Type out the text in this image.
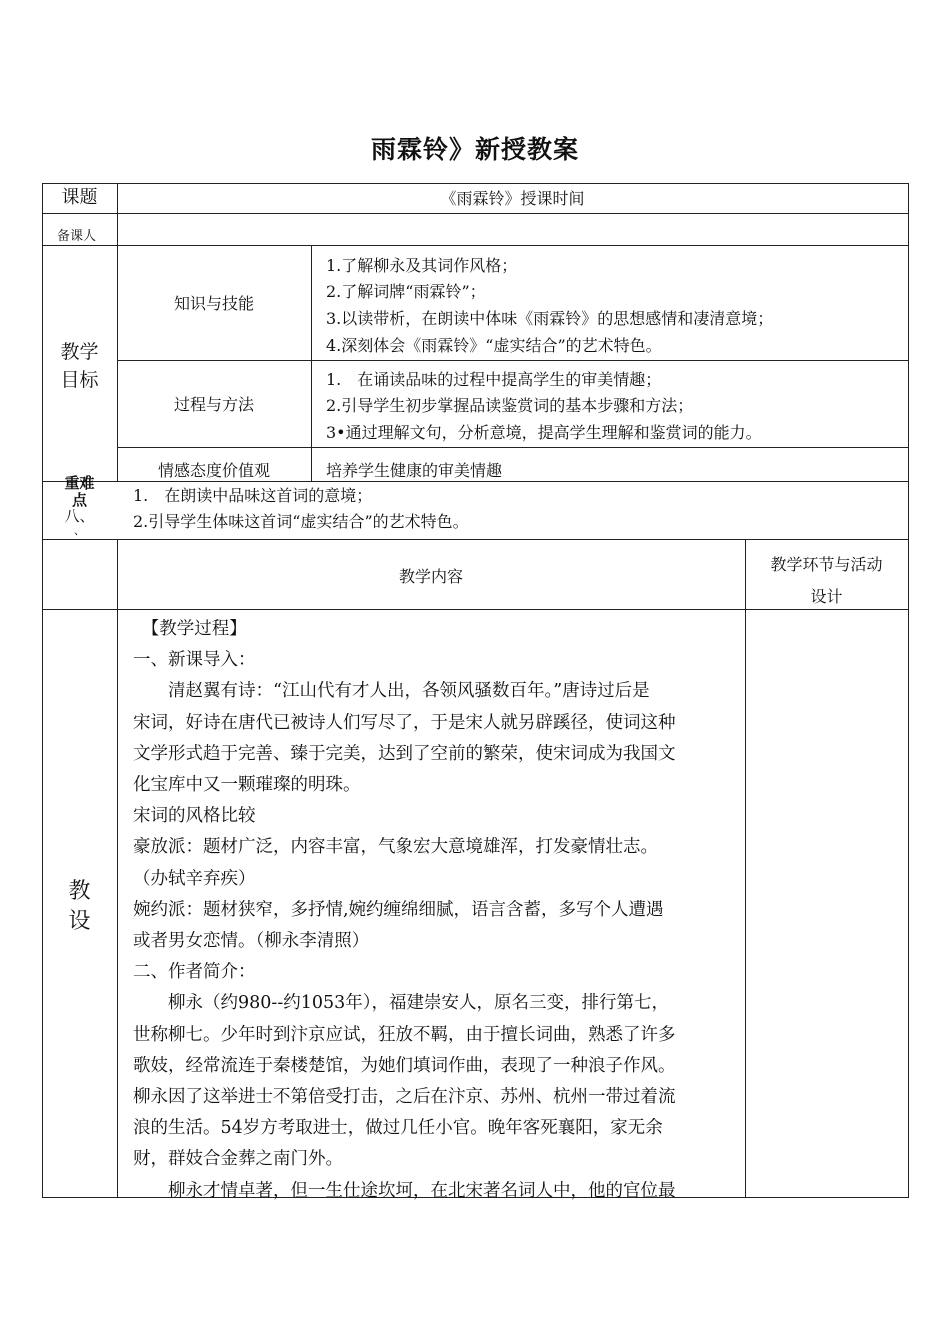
雨霖铃》新授教案
课题	《雨霖铃》授课时间
备课人
教学
目标
知识与技能
1.了解柳永及其词作风格；
2.了解词牌“雨霖铃”；
3.以读带析，在朗读中体味《雨霖铃》的思想感情和凄清意境；
4.深刻体会《雨霖铃》“虚实结合”的艺术特色。
过程与方法
1.　在诵读品味的过程中提高学生的审美情趣；
2.引导学生初步掌握品读鉴赏词的基本步骤和方法；
3•通过理解文句，分析意境，提高学生理解和鉴赏词的能力。
情感态度价值观	培养学生健康的审美情趣
重难
点
八、
、
1.　在朗读中品味这首词的意境；
2.引导学生体味这首词“虚实结合”的艺术特色。
教学内容
教学环节与活动
设计
教
设
　【教学过程】
一、新课导入：
　　清赵翼有诗：“江山代有才人出，各领风骚数百年。”唐诗过后是
宋词，好诗在唐代已被诗人们写尽了，于是宋人就另辟蹊径，使词这种
文学形式趋于完善、臻于完美，达到了空前的繁荣，使宋词成为我国文
化宝库中又一颗璀璨的明珠。
宋词的风格比较
豪放派：题材广泛，内容丰富，气象宏大意境雄浑，打发豪情壮志。
（办轼辛弃疾）
婉约派：题材狭窄，多抒情,婉约缠绵细腻，语言含蓄，多写个人遭遇
或者男女恋情。（柳永李清照）
二、作者简介：
　　柳永（约980--约1053年），福建崇安人，原名三变，排行第七，
世称柳七。少年时到汴京应试，狂放不羁，由于擅长词曲，熟悉了许多
歌妓，经常流连于秦楼楚馆，为她们填词作曲，表现了一种浪子作风。
柳永因了这举进士不第倍受打击，之后在汴京、苏州、杭州一带过着流
浪的生活。54岁方考取进士，做过几任小官。晚年客死襄阳，家无余
财，群妓合金葬之南门外。
　　柳永才情卓著，但一生仕途坎坷，在北宋著名词人中，他的官位最
